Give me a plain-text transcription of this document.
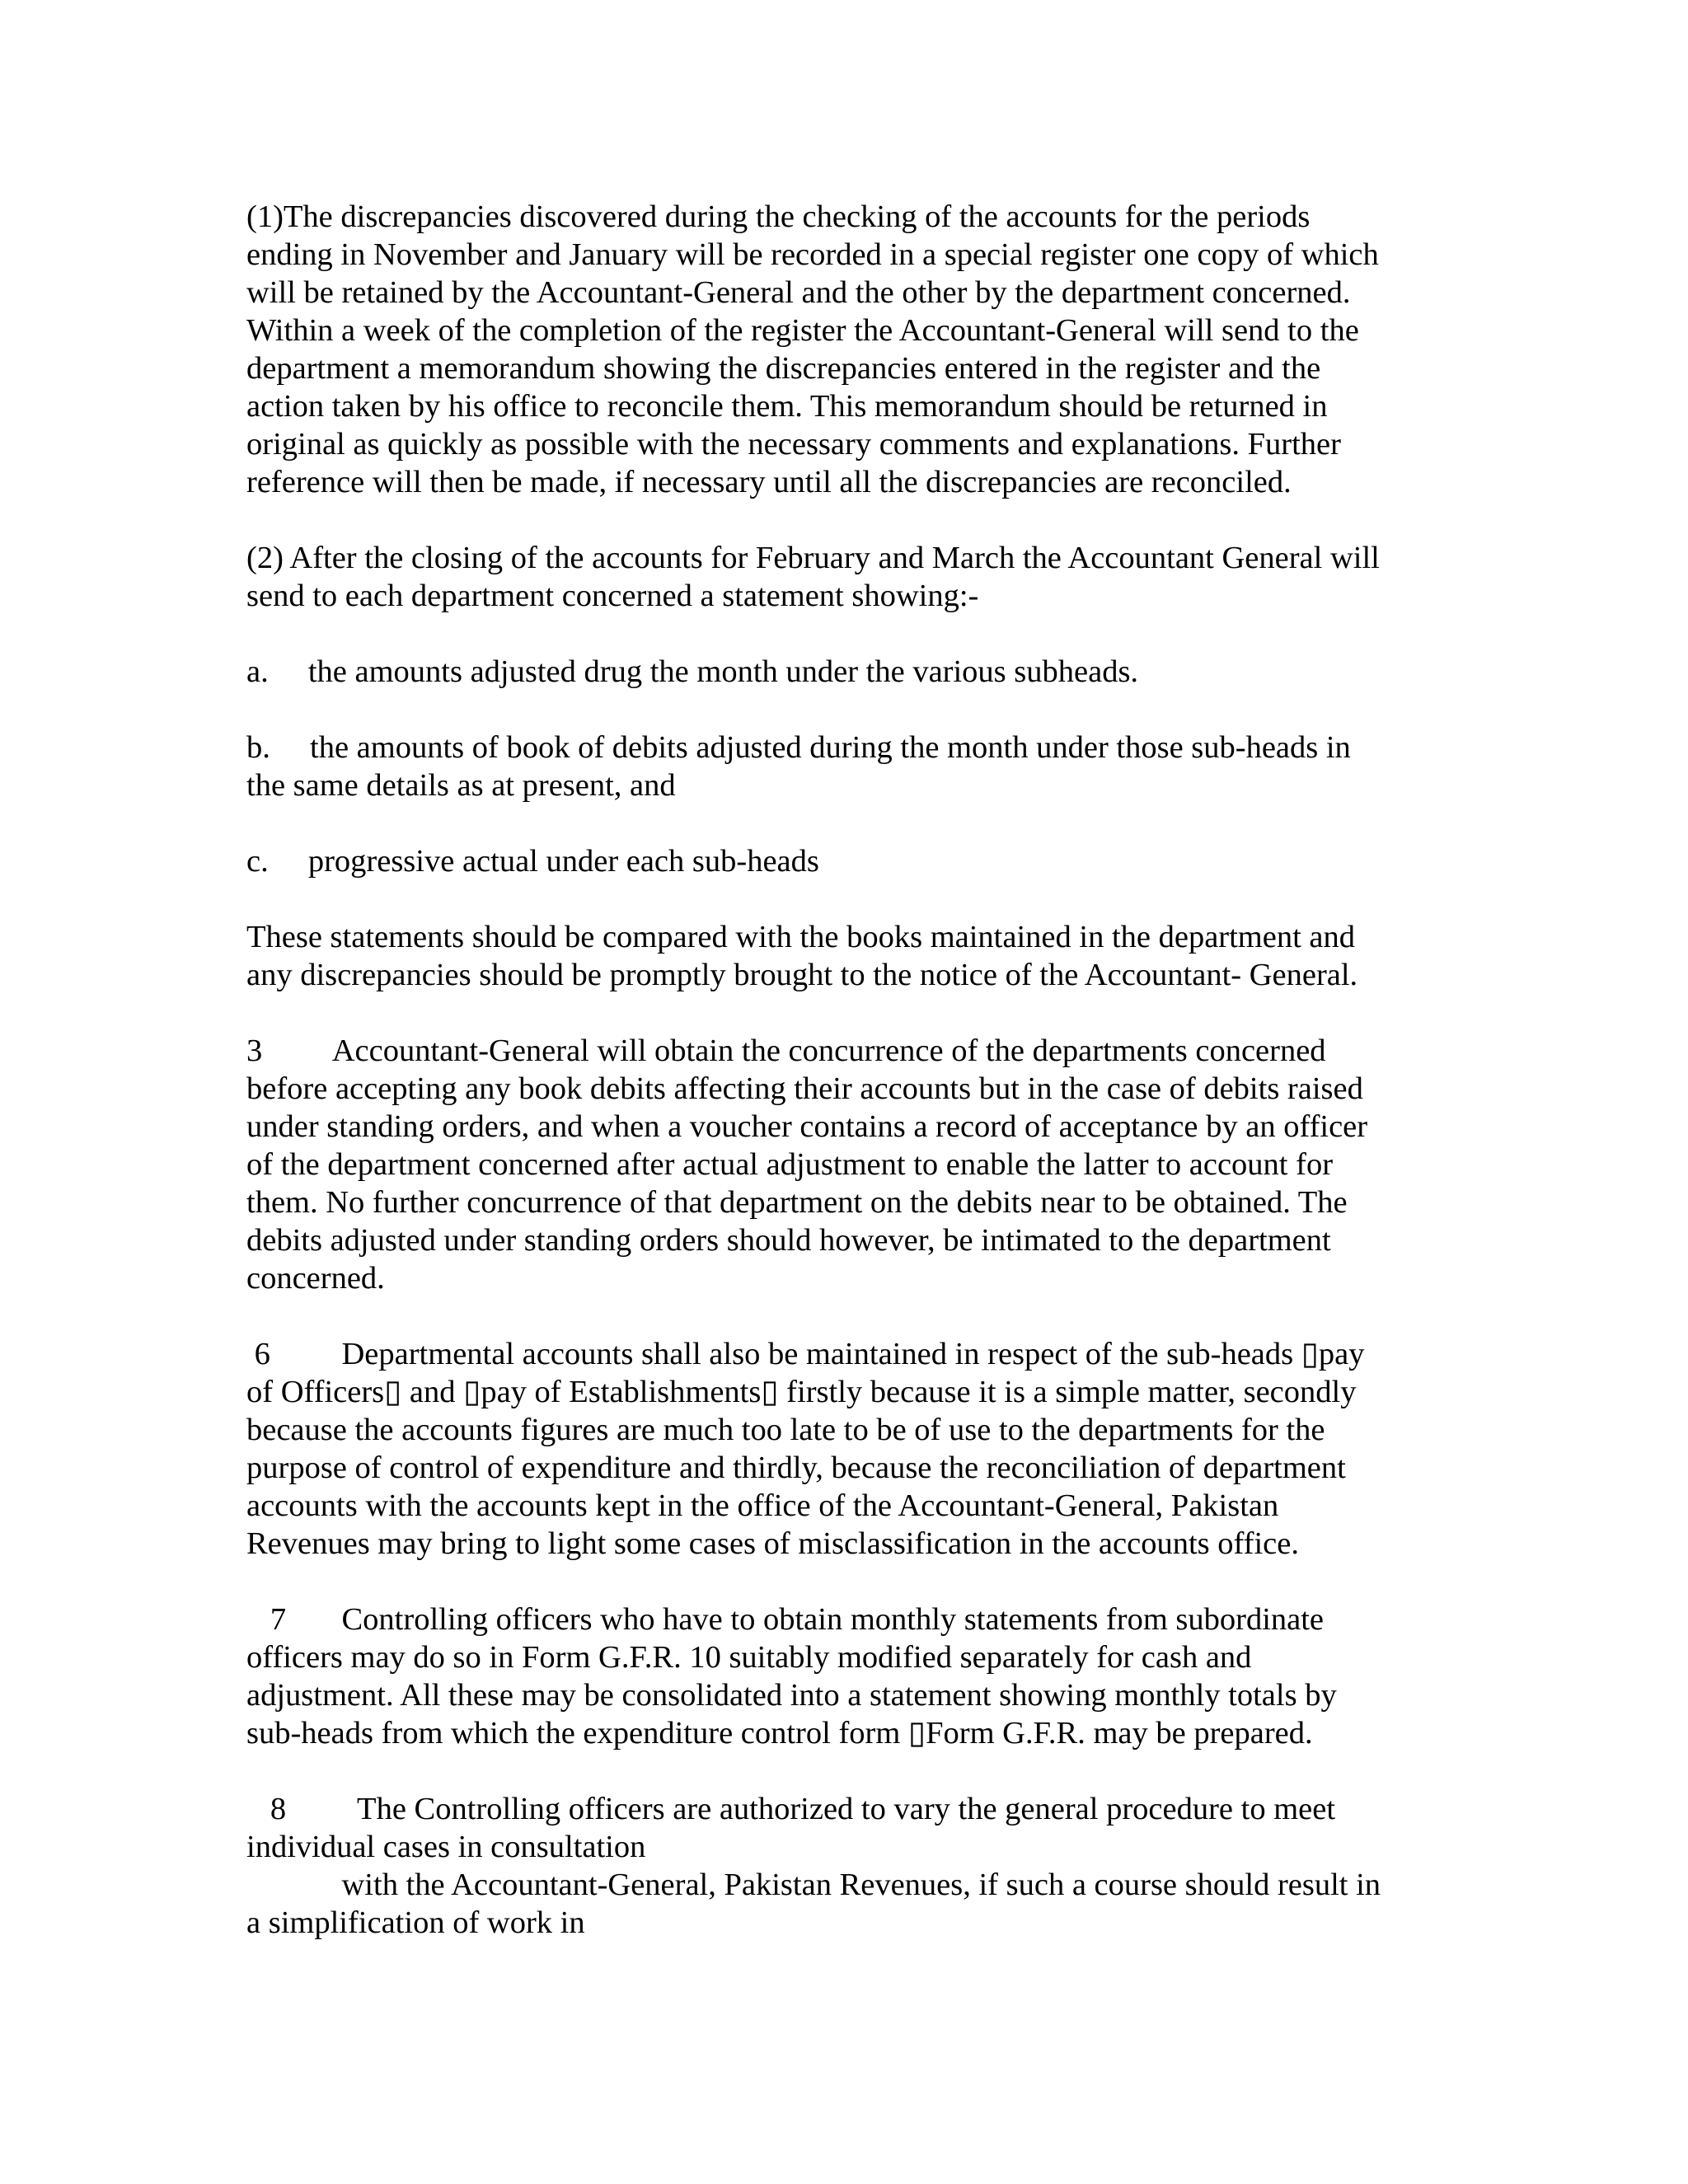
(1)The discrepancies discovered during the checking of the accounts for the periods

ending in November and January will be recorded in a special register one copy of which

will be retained by the Accountant-General and the other by the department concerned.

Within a week of the completion of the register the Accountant-General will send to the

department a memorandum showing the discrepancies entered in the register and the

action taken by his office to reconcile them. This memorandum should be returned in

original as quickly as possible with the necessary comments and explanations. Further

reference will then be made, if necessary until all the discrepancies are reconciled.

(2) After the closing of the accounts for February and March the Accountant General will

send to each department concerned a statement showing:-

a.     the amounts adjusted drug the month under the various subheads.

b.     the amounts of book of debits adjusted during the month under those sub-heads in

the same details as at present, and

c.     progressive actual under each sub-heads

These statements should be compared with the books maintained in the department and

any discrepancies should be promptly brought to the notice of the Accountant- General.

3         Accountant-General will obtain the concurrence of the departments concerned

before accepting any book debits affecting their accounts but in the case of debits raised

under standing orders, and when a voucher contains a record of acceptance by an officer

of the department concerned after actual adjustment to enable the latter to account for

them. No further concurrence of that department on the debits near to be obtained. The

debits adjusted under standing orders should however, be intimated to the department

concerned.

6         Departmental accounts shall also be maintained in respect of the sub-heads ▯pay

of Officers▯ and ▯pay of Establishments▯ firstly because it is a simple matter, secondly

because the accounts figures are much too late to be of use to the departments for the

purpose of control of expenditure and thirdly, because the reconciliation of department

accounts with the accounts kept in the office of the Accountant-General, Pakistan

Revenues may bring to light some cases of misclassification in the accounts office.

7       Controlling officers who have to obtain monthly statements from subordinate

officers may do so in Form G.F.R. 10 suitably modified separately for cash and

adjustment. All these may be consolidated into a statement showing monthly totals by

sub-heads from which the expenditure control form ▯Form G.F.R. may be prepared.

8         The Controlling officers are authorized to vary the general procedure to meet

individual cases in consultation

with the Accountant-General, Pakistan Revenues, if such a course should result in

a simplification of work in
